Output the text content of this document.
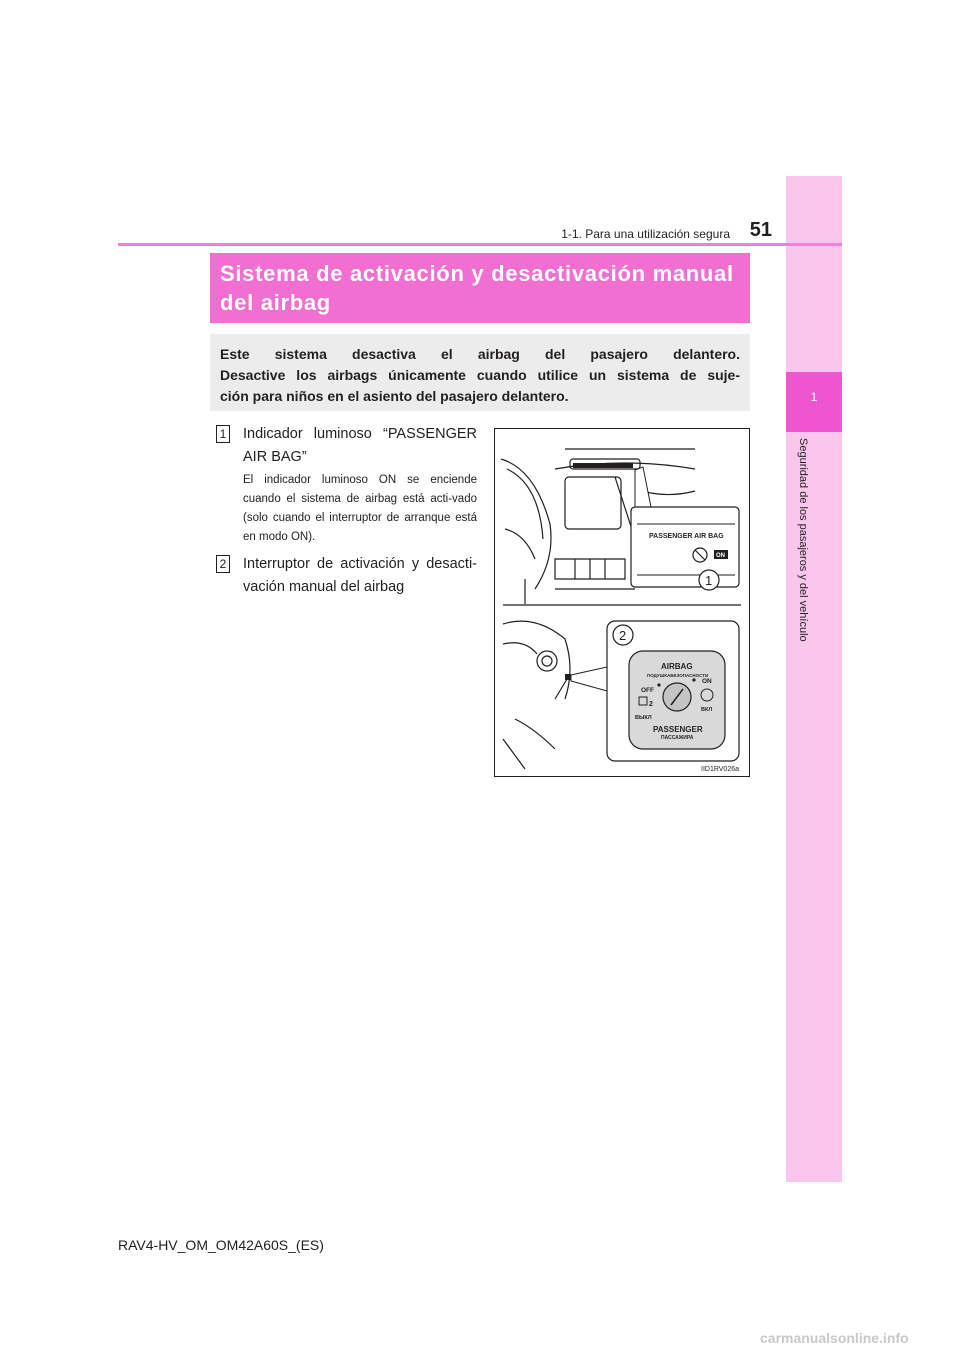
1
Seguridad de los pasajeros y del vehículo
1-1. Para una utilización segura 51
Sistema de activación y desactivación manual
del airbag
Este sistema desactiva el airbag del pasajero delantero.
Desactive los airbags únicamente cuando utilice un sistema de suje-
ción para niños en el asiento del pasajero delantero.
1 Indicador luminoso “PASSENGER AIR BAG”
El indicador luminoso ON se enciende cuando el sistema de airbag está acti-vado (solo cuando el interruptor de arranque está en modo ON).
2 Interruptor de activación y desacti-vación manual del airbag
PASSENGER AIR BAG
ON
1
2
AIRBAG
ПОДУШКАБЕЗОПАСНОСТИ
OFF
ON
2
ВЫКЛ
ВКЛ
PASSENGER
ПАССАЖИРА
IID1RV026a
RAV4-HV_OM_OM42A60S_(ES)
carmanualsonline.info
